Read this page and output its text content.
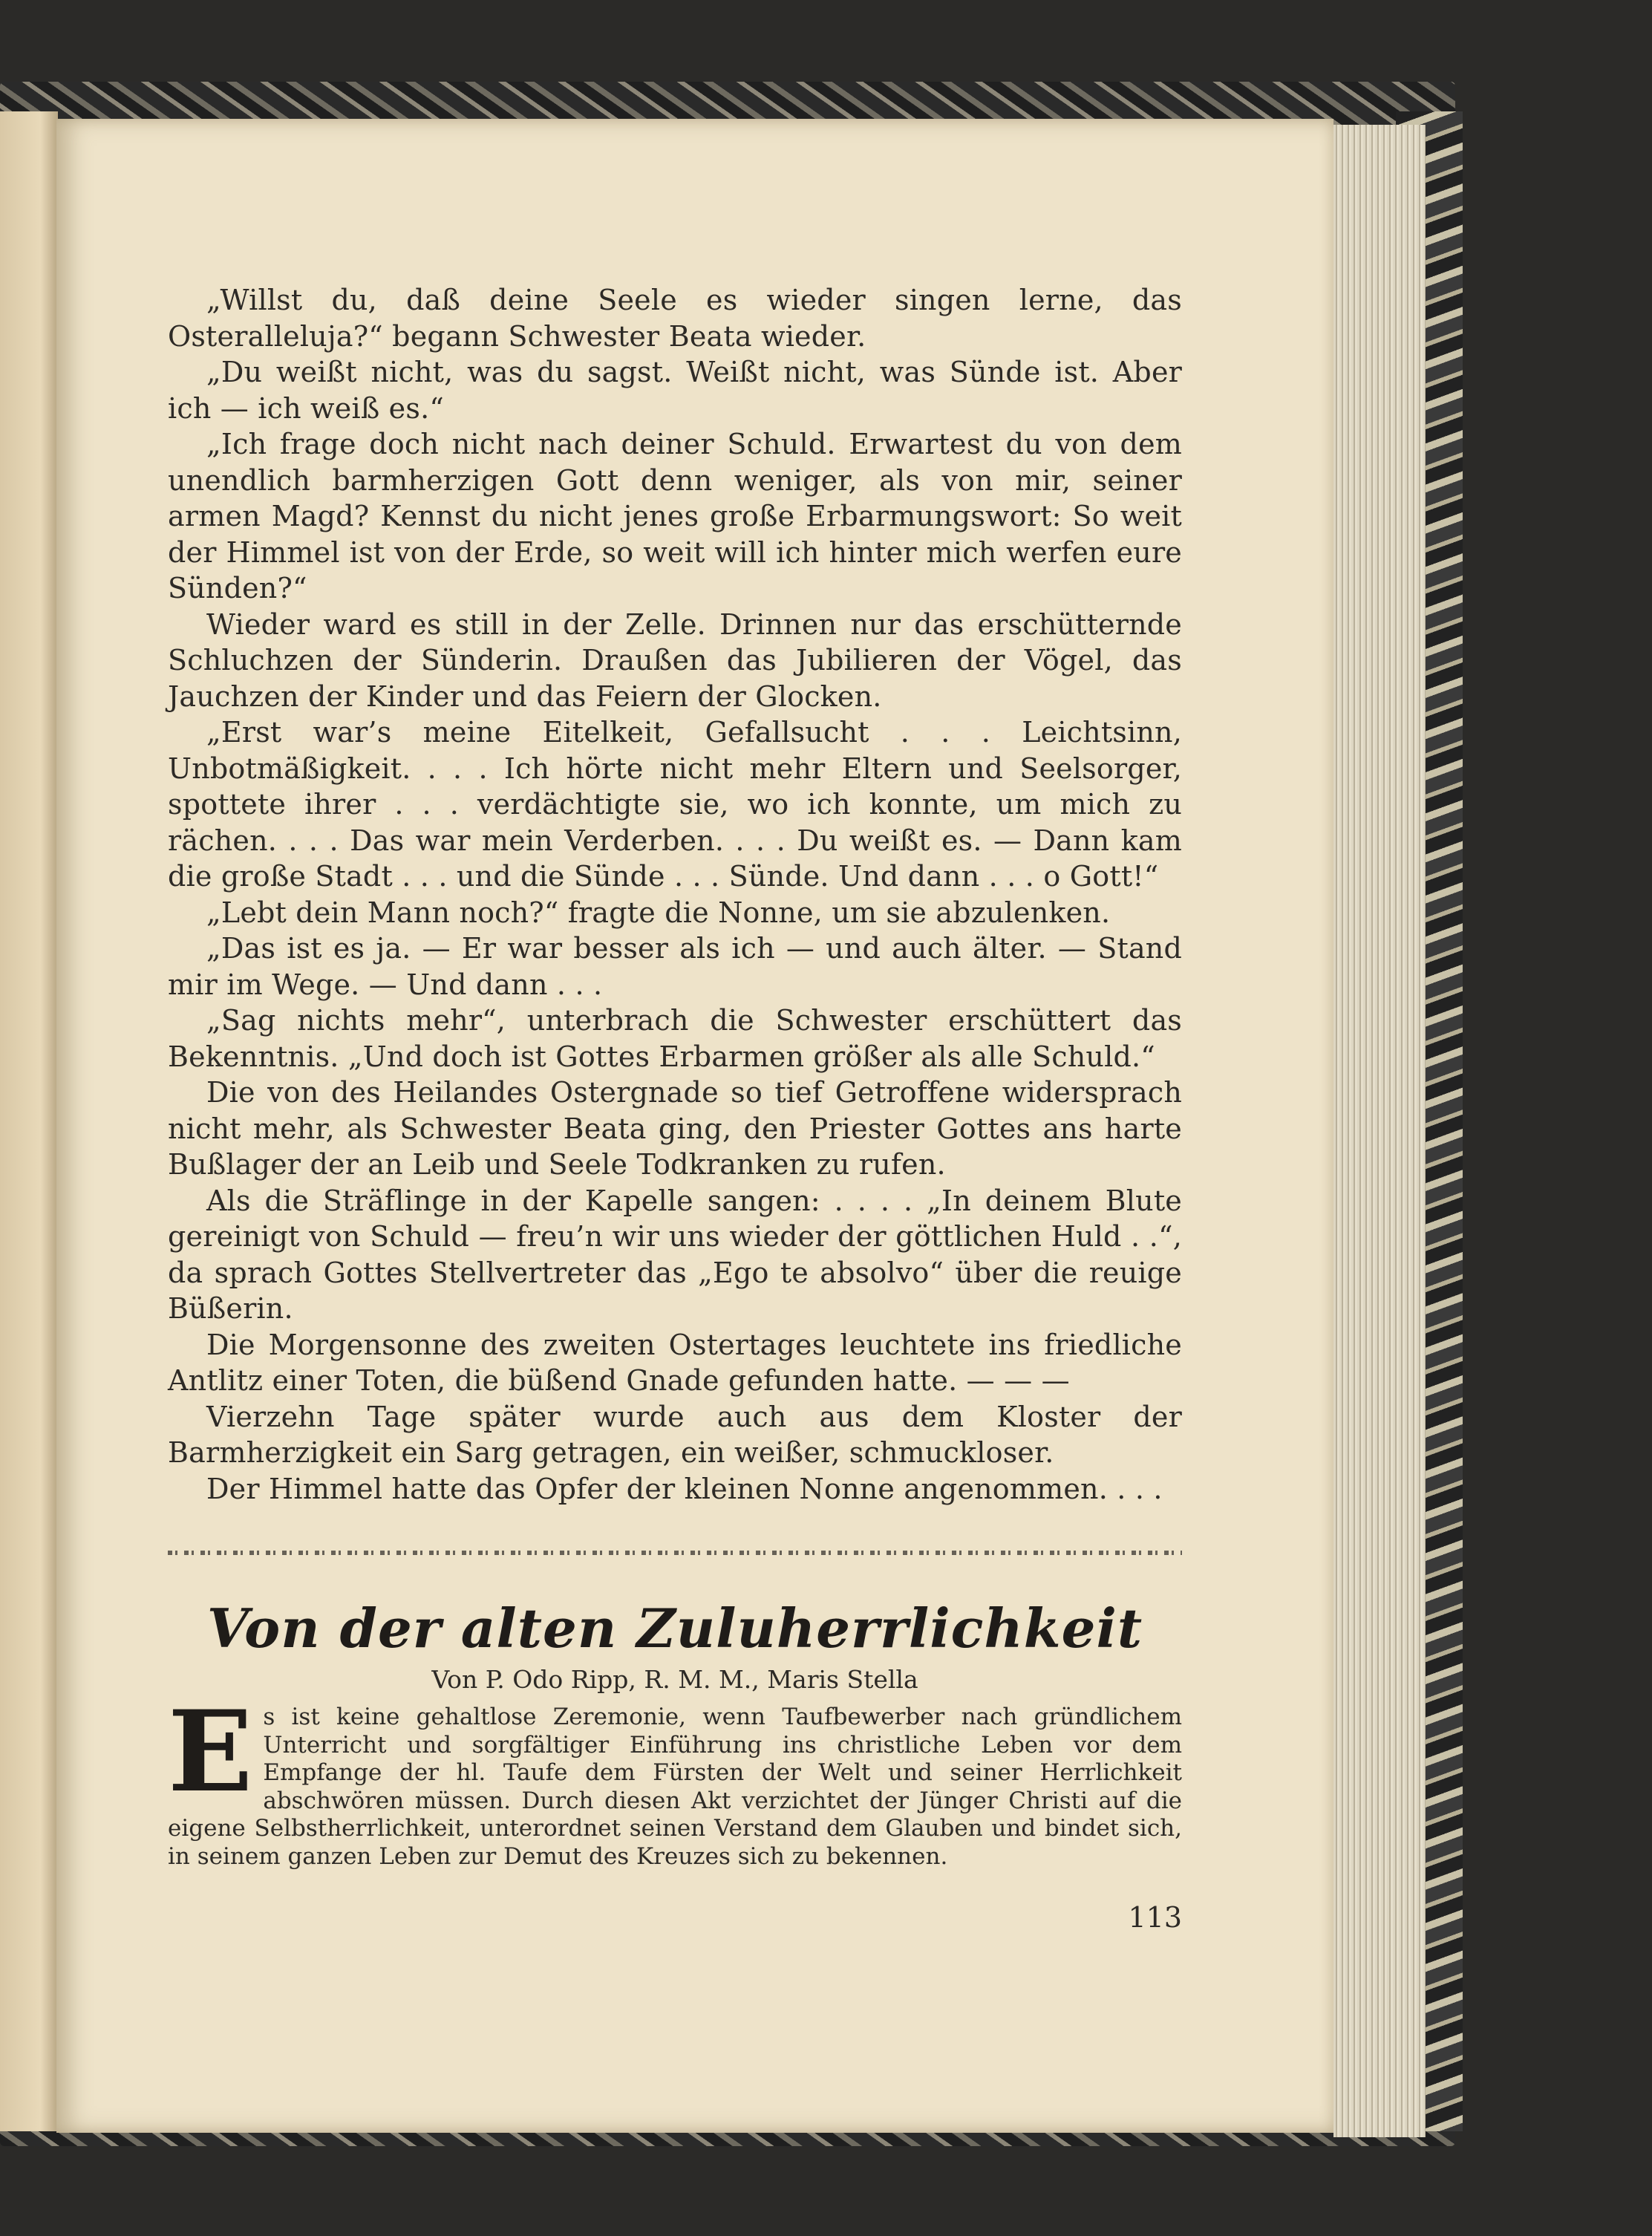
„Willst du, daß deine Seele es wieder singen lerne, das Osteralleluja?“ begann Schwester Beata wieder.

„Du weißt nicht, was du sagst. Weißt nicht, was Sünde ist. Aber ich — ich weiß es.“

„Ich frage doch nicht nach deiner Schuld. Erwartest du von dem unendlich barmherzigen Gott denn weniger, als von mir, seiner armen Magd? Kennst du nicht jenes große Erbarmungswort: So weit der Himmel ist von der Erde, so weit will ich hinter mich werfen eure Sünden?“

Wieder ward es still in der Zelle. Drinnen nur das erschütternde Schluchzen der Sünderin. Draußen das Jubilieren der Vögel, das Jauchzen der Kinder und das Feiern der Glocken.

„Erst war’s meine Eitelkeit, Gefallsucht . . . Leichtsinn, Unbotmäßigkeit. . . . Ich hörte nicht mehr Eltern und Seelsorger, spottete ihrer . . . verdächtigte sie, wo ich konnte, um mich zu rächen. . . . Das war mein Verderben. . . . Du weißt es. — Dann kam die große Stadt . . . und die Sünde . . . Sünde. Und dann . . . o Gott!“

„Lebt dein Mann noch?“ fragte die Nonne, um sie abzulenken.

„Das ist es ja. — Er war besser als ich — und auch älter. — Stand mir im Wege. — Und dann . . .

„Sag nichts mehr“, unterbrach die Schwester erschüttert das Bekenntnis. „Und doch ist Gottes Erbarmen größer als alle Schuld.“

Die von des Heilandes Ostergnade so tief Getroffene widersprach nicht mehr, als Schwester Beata ging, den Priester Gottes ans harte Bußlager der an Leib und Seele Todkranken zu rufen.

Als die Sträflinge in der Kapelle sangen: . . . . „In deinem Blute gereinigt von Schuld — freu’n wir uns wieder der göttlichen Huld . .“, da sprach Gottes Stellvertreter das „Ego te absolvo“ über die reuige Büßerin.

Die Morgensonne des zweiten Ostertages leuchtete ins friedliche Antlitz einer Toten, die büßend Gnade gefunden hatte. — — —

Vierzehn Tage später wurde auch aus dem Kloster der Barmherzigkeit ein Sarg getragen, ein weißer, schmuckloser.

Der Himmel hatte das Opfer der kleinen Nonne angenommen. . . .

Von der alten Zuluherrlichkeit
Von P. Odo Ripp, R. M. M., Maris Stella
E s ist keine gehaltlose Zeremonie, wenn Taufbewerber nach gründlichem Unterricht und sorgfältiger Einführung ins christliche Leben vor dem Empfange der hl. Taufe dem Fürsten der Welt und seiner Herrlichkeit abschwören müssen. Durch diesen Akt verzichtet der Jünger Christi auf die eigene Selbstherrlichkeit, unterordnet seinen Verstand dem Glauben und bindet sich, in seinem ganzen Leben zur Demut des Kreuzes sich zu bekennen.
113
